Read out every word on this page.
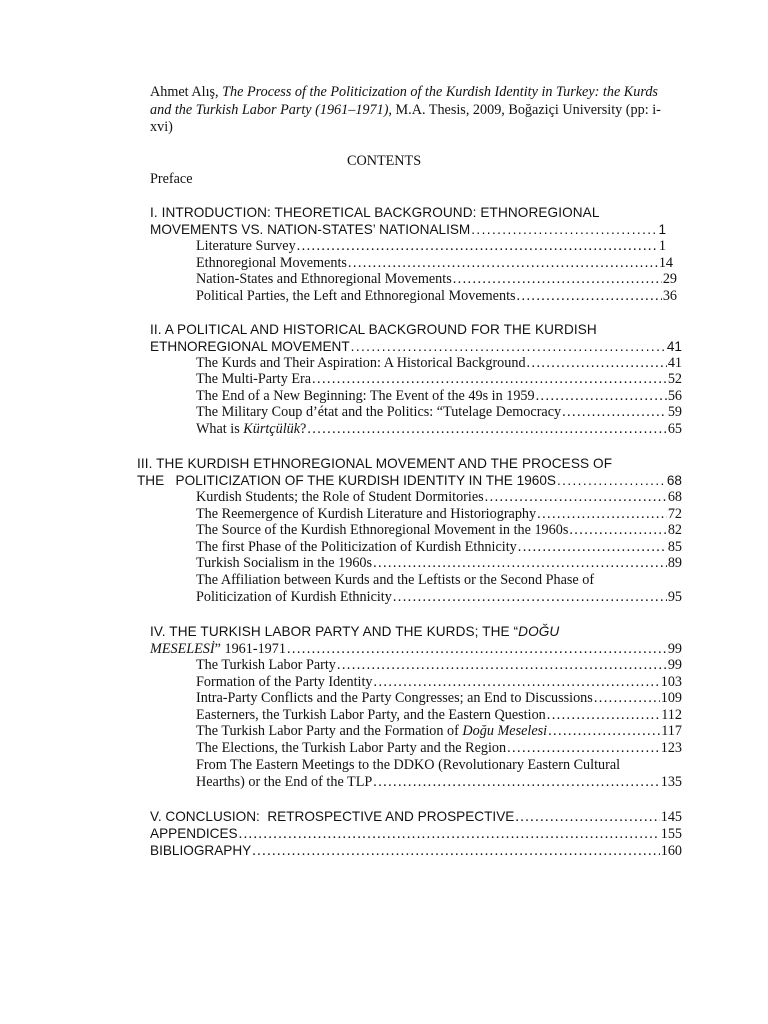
Ahmet Alış, The Process of the Politicization of the Kurdish Identity in Turkey: the Kurds and the Turkish Labor Party (1961–1971), M.A. Thesis, 2009, Boğaziçi University (pp: i-xvi)
CONTENTS
Preface
I. INTRODUCTION: THEORETICAL BACKGROUND: ETHNOREGIONAL
MOVEMENTS VS. NATION-STATES’ NATIONALISM .....	1
Literature Survey .....	1
Ethnoregional Movements .....	14
Nation-States and Ethnoregional Movements .....	29
Political Parties, the Left and Ethnoregional Movements .....	36
II. A POLITICAL AND HISTORICAL BACKGROUND FOR THE KURDISH
ETHNOREGIONAL MOVEMENT .....	41
The Kurds and Their Aspiration: A Historical Background .....	41
The Multi-Party Era .....	52
The End of a New Beginning: The Event of the 49s in 1959 .....	56
The Military Coup d’état and the Politics: “Tutelage Democracy .....	59
What is Kürtçülük? .....	65
III. THE KURDISH ETHNOREGIONAL MOVEMENT AND THE PROCESS OF
THE   POLITICIZATION OF THE KURDISH IDENTITY IN THE 1960S .....	68
Kurdish Students; the Role of Student Dormitories .....	68
The Reemergence of Kurdish Literature and Historiography .....	72
The Source of the Kurdish Ethnoregional Movement in the 1960s .....	82
The first Phase of the Politicization of Kurdish Ethnicity .....	85
Turkish Socialism in the 1960s .....	89
The Affiliation between Kurds and the Leftists or the Second Phase of
Politicization of Kurdish Ethnicity .....	95
IV. THE TURKISH LABOR PARTY AND THE KURDS; THE “DOĞU
MESELESİ” 1961-1971 .....	99
The Turkish Labor Party .....	99
Formation of the Party Identity .....	103
Intra-Party Conflicts and the Party Congresses; an End to Discussions .....	109
Easterners, the Turkish Labor Party, and the Eastern Question .....	112
The Turkish Labor Party and the Formation of Doğu Meselesi .....	117
The Elections, the Turkish Labor Party and the Region .....	123
From The Eastern Meetings to the DDKO (Revolutionary Eastern Cultural
Hearths) or the End of the TLP .....	135
V. CONCLUSION:  RETROSPECTIVE AND PROSPECTIVE .....	145
APPENDICES .....	155
BIBLIOGRAPHY .....	160
